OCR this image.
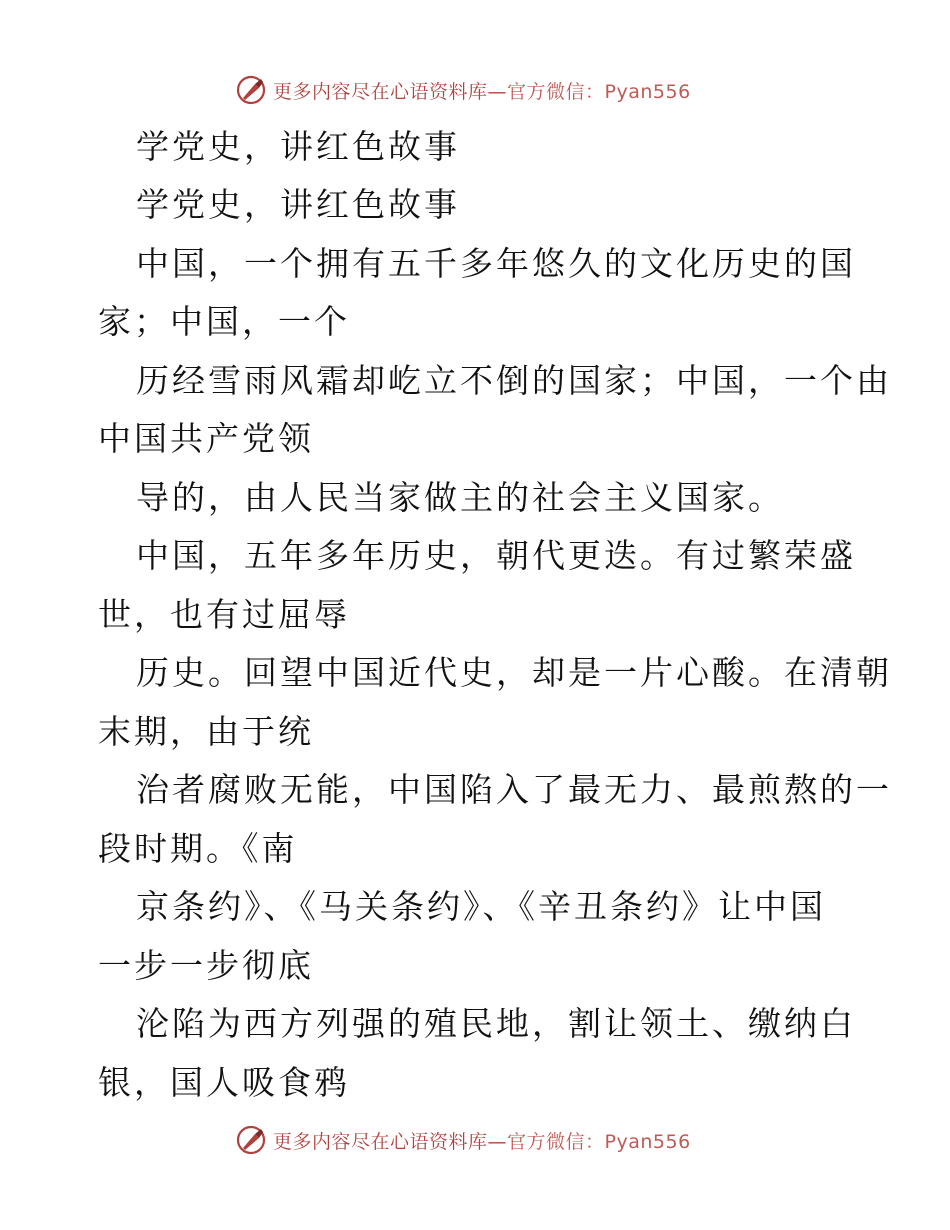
更多内容尽在心语资料库—官方微信：Pyan556
学党史，讲红色故事
学党史，讲红色故事
中国，一个拥有五千多年悠久的文化历史的国
家；中国，一个
历经雪雨风霜却屹立不倒的国家；中国，一个由
中国共产党领
导的，由人民当家做主的社会主义国家。
中国，五年多年历史，朝代更迭。有过繁荣盛
世，也有过屈辱
历史。回望中国近代史，却是一片心酸。在清朝
末期，由于统
治者腐败无能，中国陷入了最无力、最煎熬的一
段时期。《南
京条约》、《马关条约》、《辛丑条约》让中国
一步一步彻底
沦陷为西方列强的殖民地，割让领土、缴纳白
银，国人吸食鸦
更多内容尽在心语资料库—官方微信：Pyan556
